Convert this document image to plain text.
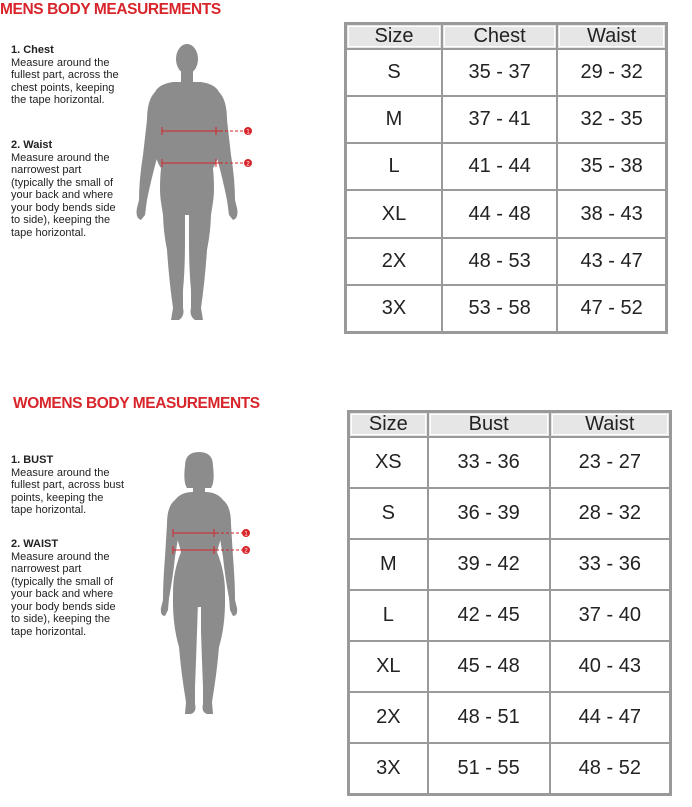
MENS BODY MEASUREMENTS

1. Chest

Measure around the fullest part, across the chest points, keeping the tape horizontal.

2. Waist

Measure around the narrowest part (typically the small of your back and where your body bends side to side), keeping the tape horizontal.

1
2
Size	Chest	Waist
S	35 - 37	29 - 32
M	37 - 41	32 - 35
L	41 - 44	35 - 38
XL	44 - 48	38 - 43
2X	48 - 53	43 - 47
3X	53 - 58	47 - 52
WOMENS BODY MEASUREMENTS

1. BUST

Measure around the fullest part, across bust points, keeping the tape horizontal.

2. WAIST

Measure around the narrowest part (typically the small of your back and where your body bends side to side), keeping the tape horizontal.

1
2
Size	Bust	Waist
XS	33 - 36	23 - 27
S	36 - 39	28 - 32
M	39 - 42	33 - 36
L	42 - 45	37 - 40
XL	45 - 48	40 - 43
2X	48 - 51	44 - 47
3X	51 - 55	48 - 52
